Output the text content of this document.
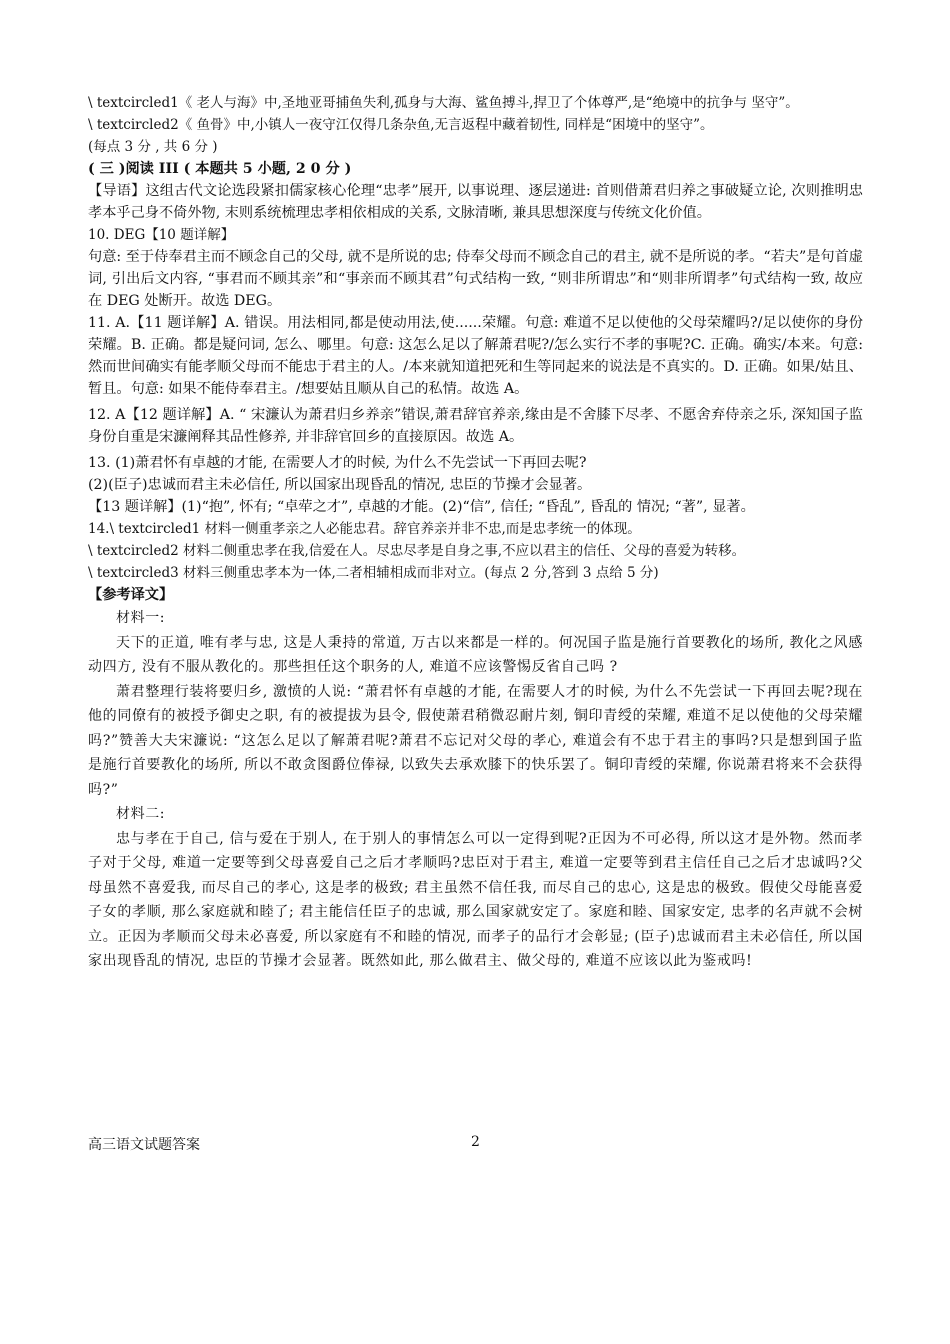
\ textcircled1《 老人与海》中,圣地亚哥捕鱼失利,孤身与大海、鲨鱼搏斗,捍卫了个体尊严,是“绝境中的抗争与 坚守”。

\ textcircled2《 鱼骨》中,小镇人一夜守江仅得几条杂鱼,无言返程中藏着韧性, 同样是“困境中的坚守”。

(每点 3 分 , 共 6 分 )

( 三 )阅读 III ( 本题共 5 小题, 2 0 分 )

【导语】这组古代文论选段紧扣儒家核心伦理“忠孝”展开, 以事说理、逐层递进: 首则借萧君归养之事破疑立论, 次则推明忠孝本乎己身不倚外物, 末则系统梳理忠孝相依相成的关系, 文脉清晰, 兼具思想深度与传统文化价值。

10. DEG【10 题详解】

句意: 至于侍奉君主而不顾念自己的父母, 就不是所说的忠; 侍奉父母而不顾念自己的君主, 就不是所说的孝。“若夫”是句首虚词, 引出后文内容, “事君而不顾其亲”和“事亲而不顾其君”句式结构一致, “则非所谓忠”和“则非所谓孝”句式结构一致, 故应在 DEG 处断开。故选 DEG。

11. A.【11 题详解】A. 错误。用法相同,都是使动用法,使......荣耀。句意: 难道不足以使他的父母荣耀吗?/足以使你的身份荣耀。B. 正确。都是疑问词, 怎么、哪里。句意: 这怎么足以了解萧君呢?/怎么实行不孝的事呢?C. 正确。确实/本来。句意: 然而世间确实有能孝顺父母而不能忠于君主的人。/本来就知道把死和生等同起来的说法是不真实的。D. 正确。如果/姑且、暂且。句意: 如果不能侍奉君主。/想要姑且顺从自己的私情。故选 A。

12. A【12 题详解】A. “ 宋濂认为萧君归乡养亲”错误,萧君辞官养亲,缘由是不舍膝下尽孝、不愿舍弃侍亲之乐, 深知国子监身份自重是宋濂阐释其品性修养, 并非辞官回乡的直接原因。故选 A。

13. (1)萧君怀有卓越的才能, 在需要人才的时候, 为什么不先尝试一下再回去呢?

(2)(臣子)忠诚而君主未必信任, 所以国家出现昏乱的情况, 忠臣的节操才会显著。

【13 题详解】(1)“抱”, 怀有; “卓荦之才”, 卓越的才能。(2)“信”, 信任; “昏乱”, 昏乱的 情况; “著”, 显著。

14.\ textcircled1 材料一侧重孝亲之人必能忠君。辞官养亲并非不忠,而是忠孝统一的体现。

\ textcircled2 材料二侧重忠孝在我,信爱在人。尽忠尽孝是自身之事,不应以君主的信任、父母的喜爱为转移。

\ textcircled3 材料三侧重忠孝本为一体,二者相辅相成而非对立。(每点 2 分,答到 3 点给 5 分)

【参考译文】

材料一:

天下的正道, 唯有孝与忠, 这是人秉持的常道, 万古以来都是一样的。何况国子监是施行首要教化的场所, 教化之风感动四方, 没有不服从教化的。那些担任这个职务的人, 难道不应该警惕反省自己吗 ?

萧君整理行装将要归乡, 激愤的人说: “萧君怀有卓越的才能, 在需要人才的时候, 为什么不先尝试一下再回去呢?现在他的同僚有的被授予御史之职, 有的被提拔为县令, 假使萧君稍微忍耐片刻, 铜印青绶的荣耀, 难道不足以使他的父母荣耀吗?”赞善大夫宋濂说: “这怎么足以了解萧君呢?萧君不忘记对父母的孝心, 难道会有不忠于君主的事吗?只是想到国子监是施行首要教化的场所, 所以不敢贪图爵位俸禄, 以致失去承欢膝下的快乐罢了。铜印青绶的荣耀, 你说萧君将来不会获得吗?”

材料二:

忠与孝在于自己, 信与爱在于别人, 在于别人的事情怎么可以一定得到呢?正因为不可必得, 所以这才是外物。然而孝子对于父母, 难道一定要等到父母喜爱自己之后才孝顺吗?忠臣对于君主, 难道一定要等到君主信任自己之后才忠诚吗?父母虽然不喜爱我, 而尽自己的孝心, 这是孝的极致; 君主虽然不信任我, 而尽自己的忠心, 这是忠的极致。假使父母能喜爱子女的孝顺, 那么家庭就和睦了; 君主能信任臣子的忠诚, 那么国家就安定了。家庭和睦、国家安定, 忠孝的名声就不会树立。正因为孝顺而父母未必喜爱, 所以家庭有不和睦的情况, 而孝子的品行才会彰显; (臣子)忠诚而君主未必信任, 所以国家出现昏乱的情况, 忠臣的节操才会显著。既然如此, 那么做君主、做父母的, 难道不应该以此为鉴戒吗!

高三语文试题答案	2
